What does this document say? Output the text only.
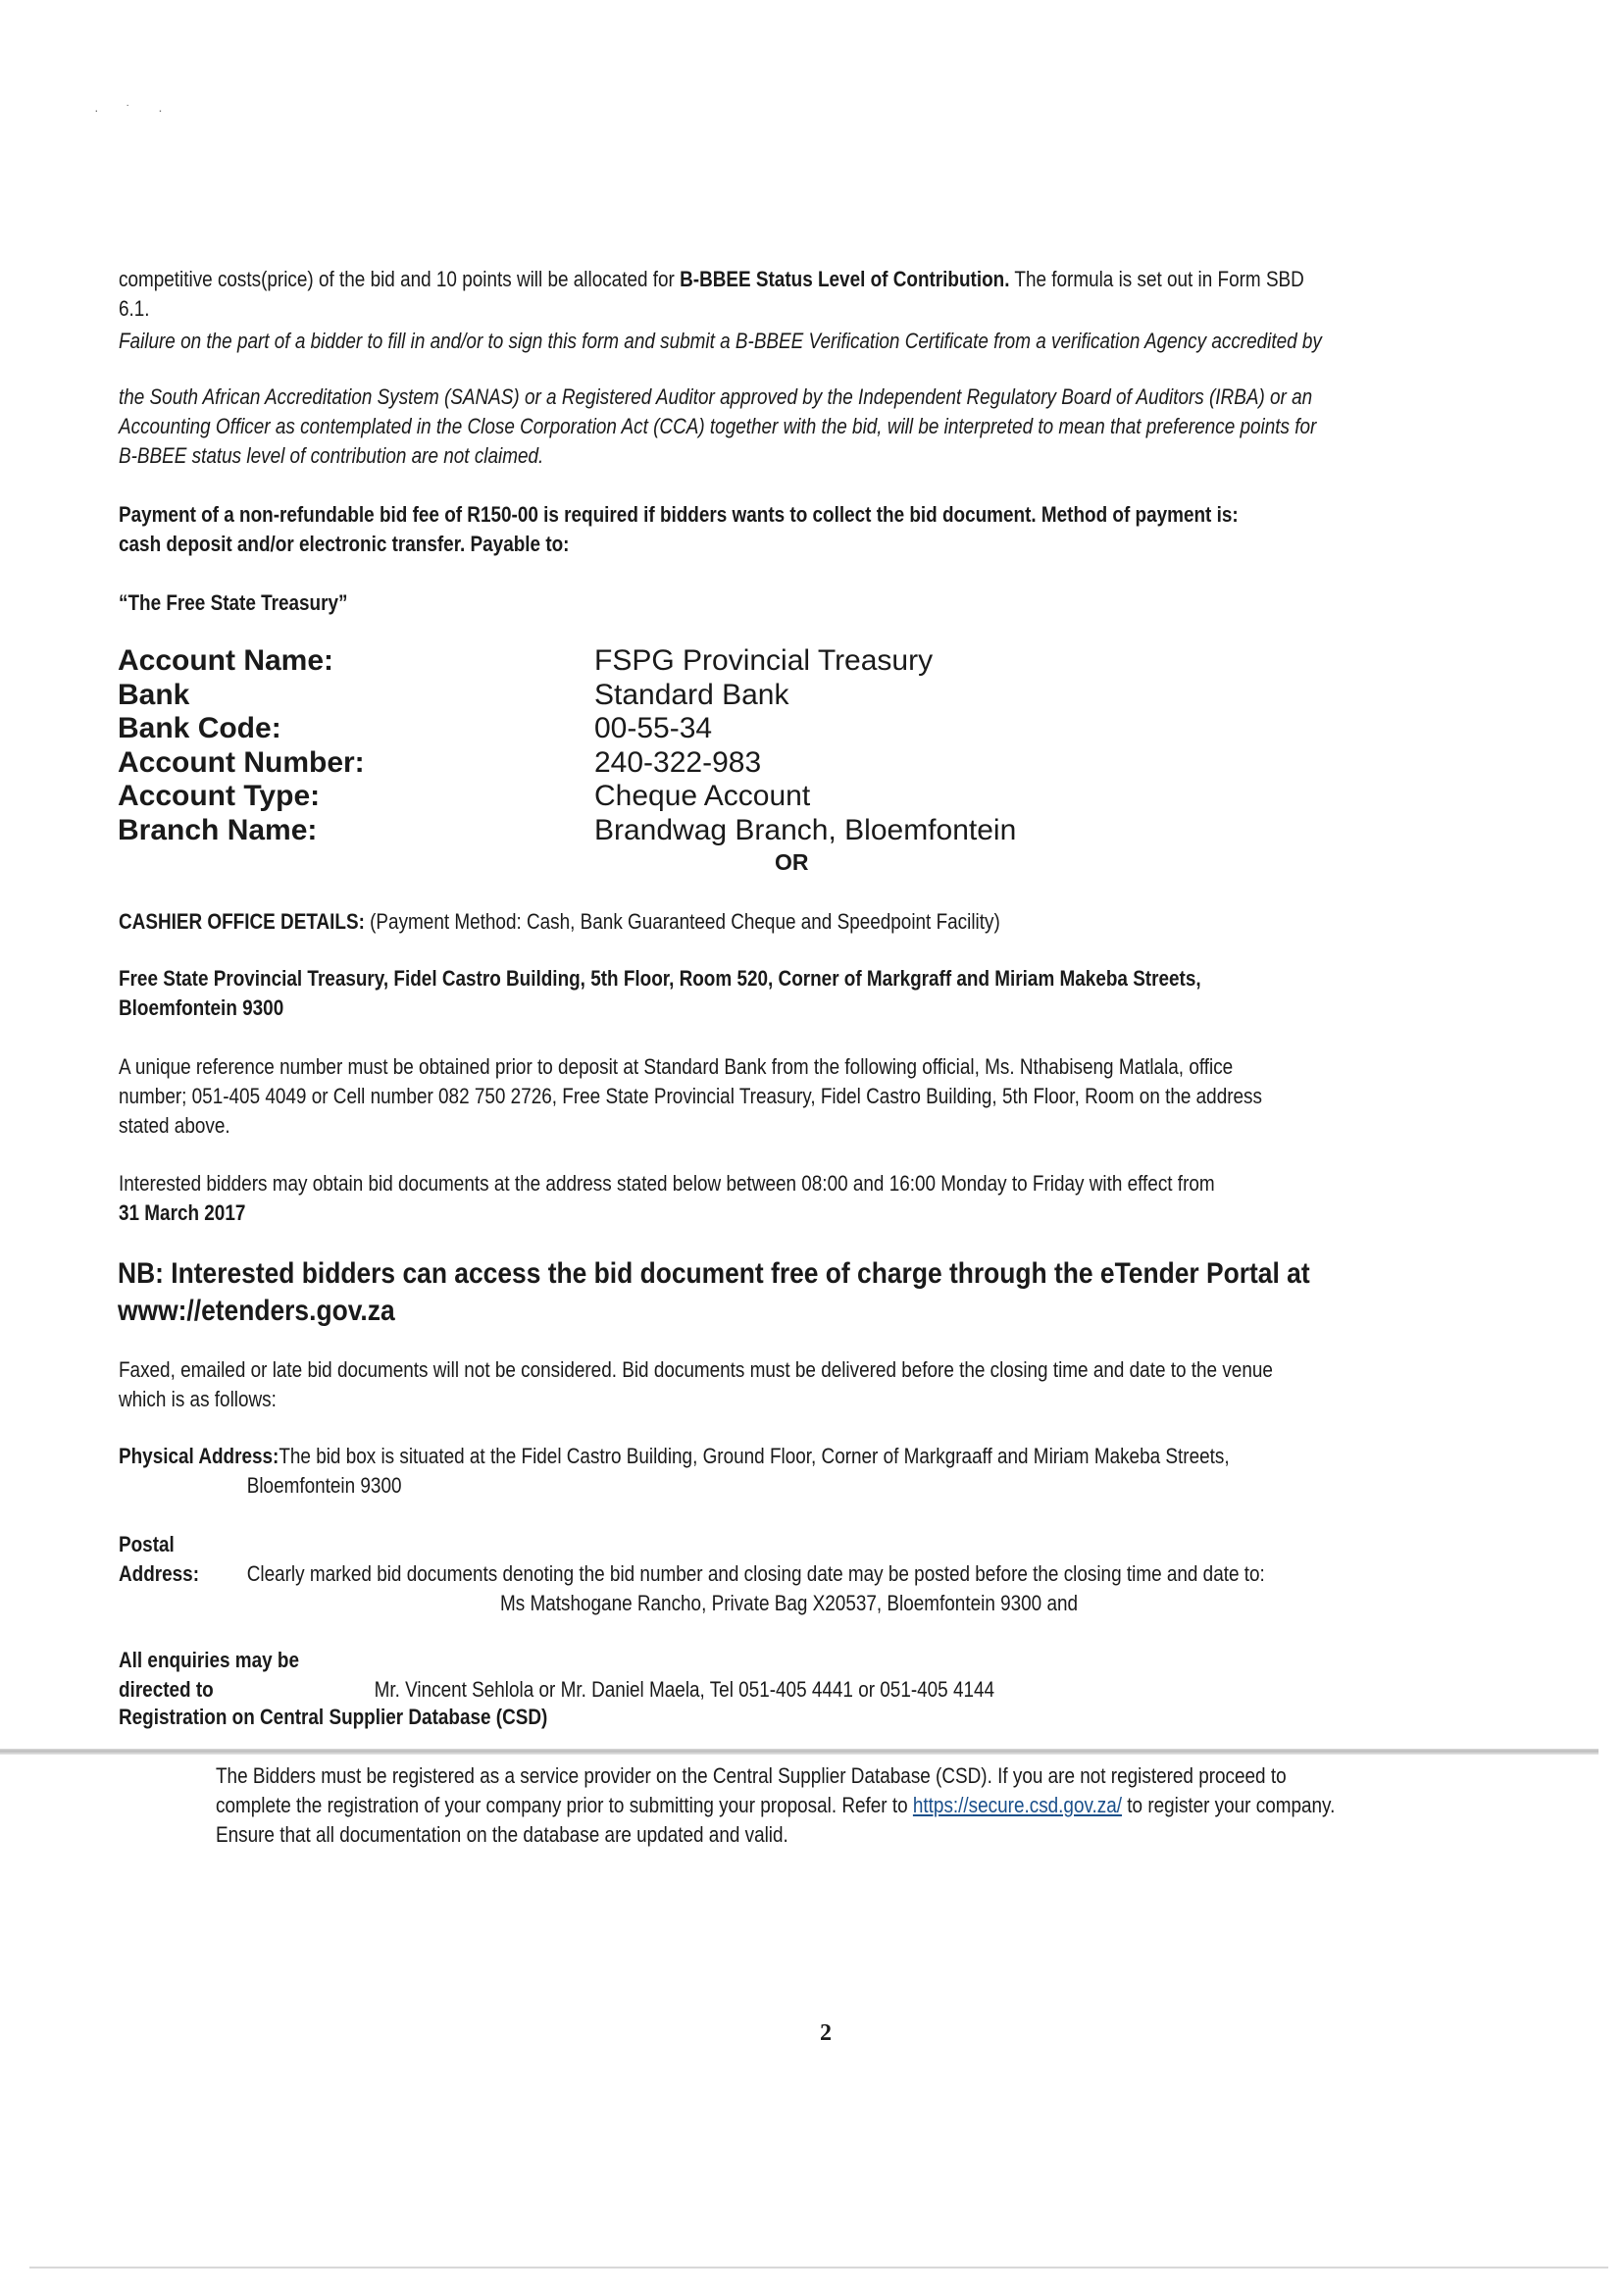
· ˙ ·
competitive costs(price) of the bid and 10 points will be allocated for B-BBEE Status Level of Contribution. The formula is set out in Form SBD
6.1.
Failure on the part of a bidder to fill in and/or to sign this form and submit a B-BBEE Verification Certificate from a verification Agency accredited by
the South African Accreditation System (SANAS) or a Registered Auditor approved by the Independent Regulatory Board of Auditors (IRBA) or an
Accounting Officer as contemplated in the Close Corporation Act (CCA) together with the bid, will be interpreted to mean that preference points for
B-BBEE status level of contribution are not claimed.
Payment of a non-refundable bid fee of R150-00 is required if bidders wants to collect the bid document. Method of payment is:
cash deposit and/or electronic transfer. Payable to:
“The Free State Treasury”
Account Name:	FSPG Provincial Treasury
Bank	Standard Bank
Bank Code:	00-55-34
Account Number:	240-322-983
Account Type:	Cheque Account
Branch Name:	Brandwag Branch, Bloemfontein
OR
CASHIER OFFICE DETAILS: (Payment Method: Cash, Bank Guaranteed Cheque and Speedpoint Facility)
Free State Provincial Treasury, Fidel Castro Building, 5th Floor, Room 520, Corner of Markgraff and Miriam Makeba Streets,
Bloemfontein 9300
A unique reference number must be obtained prior to deposit at Standard Bank from the following official, Ms. Nthabiseng Matlala, office
number; 051-405 4049 or Cell number 082 750 2726, Free State Provincial Treasury, Fidel Castro Building, 5th Floor, Room on the address
stated above.
Interested bidders may obtain bid documents at the address stated below between 08:00 and 16:00 Monday to Friday with effect from
31 March 2017
NB: Interested bidders can access the bid document free of charge through the eTender Portal at
www://etenders.gov.za
Faxed, emailed or late bid documents will not be considered. Bid documents must be delivered before the closing time and date to the venue
which is as follows:
Physical Address:The bid box is situated at the Fidel Castro Building, Ground Floor, Corner of Markgraaff and Miriam Makeba Streets,
Bloemfontein 9300
Postal Address: Clearly marked bid documents denoting the bid number and closing date may be posted before the closing time and date to:
Ms Matshogane Rancho, Private Bag X20537, Bloemfontein 9300 and
All enquiries may be directed to	Mr. Vincent Sehlola or Mr. Daniel Maela, Tel 051-405 4441 or 051-405 4144
Registration on Central Supplier Database (CSD)
The Bidders must be registered as a service provider on the Central Supplier Database (CSD). If you are not registered proceed to
complete the registration of your company prior to submitting your proposal. Refer to https://secure.csd.gov.za/ to register your company.
Ensure that all documentation on the database are updated and valid.
2
